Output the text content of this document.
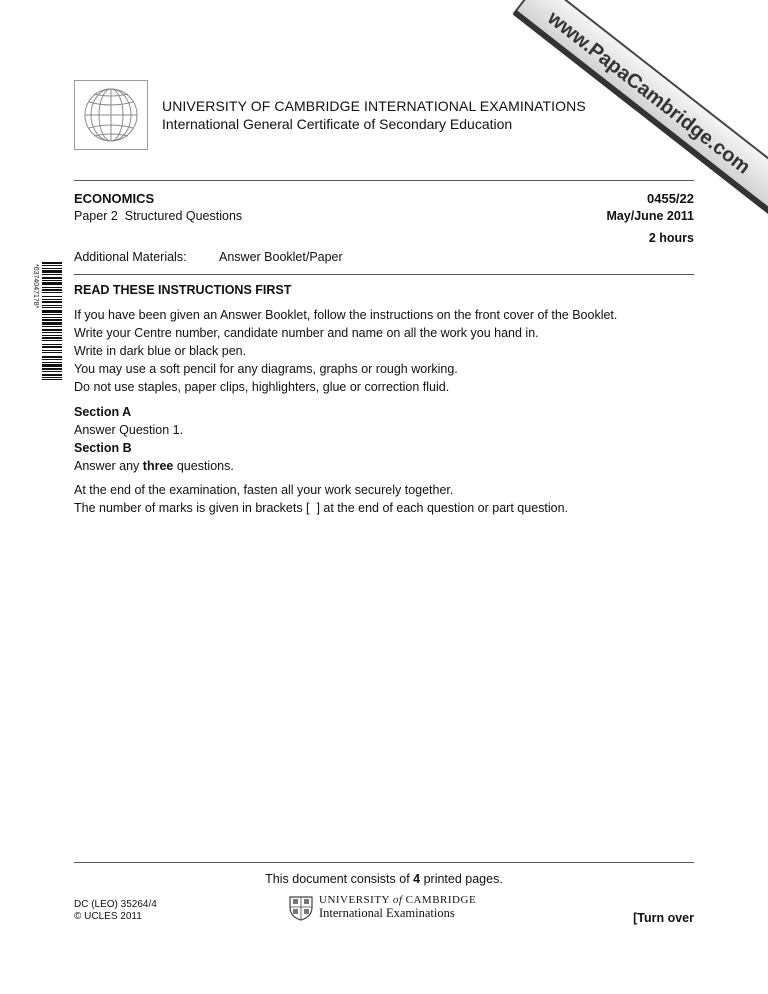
www.PapaCambridge.com
UNIVERSITY OF CAMBRIDGE INTERNATIONAL EXAMINATIONS
International General Certificate of Secondary Education
ECONOMICS	0455/22
Paper 2  Structured Questions	May/June 2011
2 hours
Additional Materials:	Answer Booklet/Paper
*6374047178*	READ THESE INSTRUCTIONS FIRST
If you have been given an Answer Booklet, follow the instructions on the front cover of the Booklet.
Write your Centre number, candidate number and name on all the work you hand in.
Write in dark blue or black pen.
You may use a soft pencil for any diagrams, graphs or rough working.
Do not use staples, paper clips, highlighters, glue or correction fluid.
Section A
Answer Question 1.
Section B
Answer any three questions.
At the end of the examination, fasten all your work securely together.
The number of marks is given in brackets [  ] at the end of each question or part question.
This document consists of 4 printed pages.
DC (LEO) 35264/4
© UCLES 2011
UNIVERSITY of CAMBRIDGE
International Examinations	[Turn over
